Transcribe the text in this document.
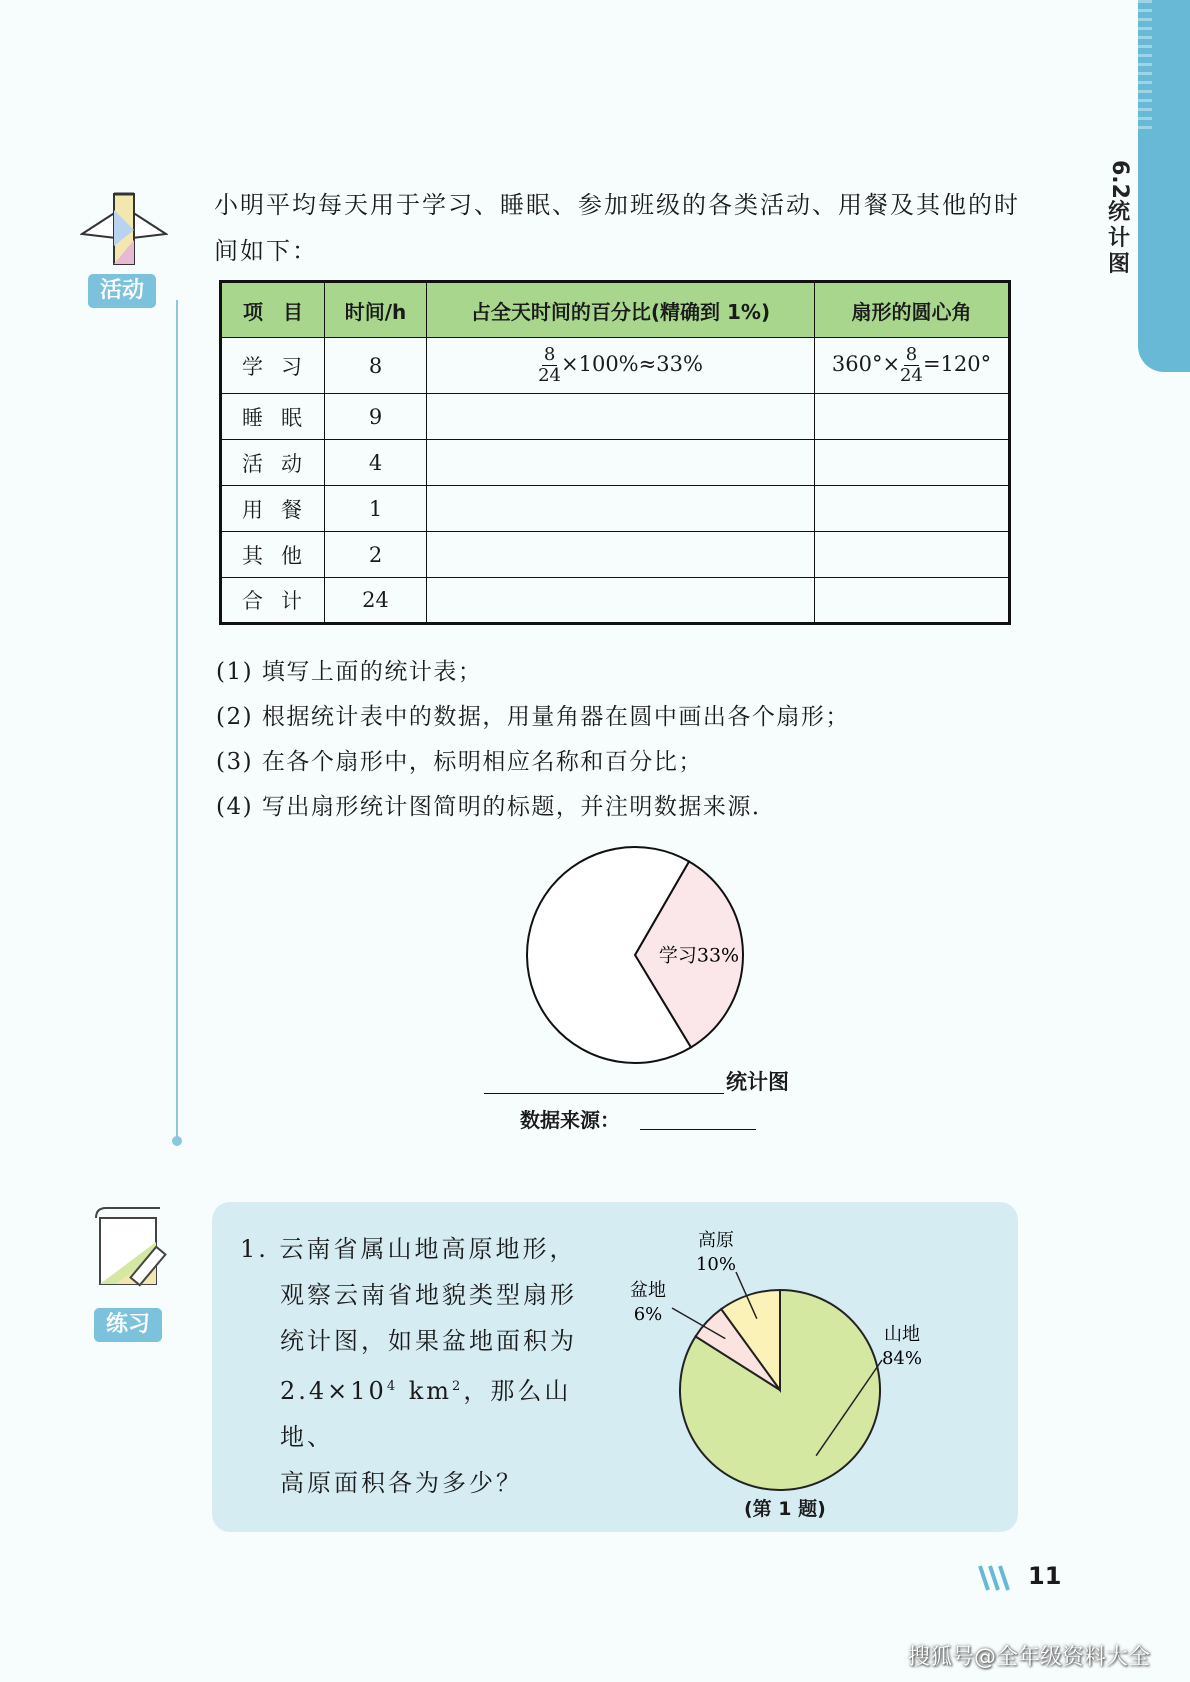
6.2
统计图
活动

小明平均每天用于学习、睡眠、参加班级的各类活动、用餐及其他的时间如下：

项　目	时间/h	占全天时间的百分比(精确到 1%)	扇形的圆心角
学习	8	$\frac{8}{24} \times 100\%\approx 33\%$	$360^\circ\times \frac{8}{24} =120^\circ$
睡眠	9		
活动	4		
用餐	1		
其他	2		
合计	24		
(1) 填写上面的统计表；
(2) 根据统计表中的数据，用量角器在圆中画出各个扇形；
(3) 在各个扇形中，标明相应名称和百分比；
(4) 写出扇形统计图简明的标题，并注明数据来源．
学习33%
统计图
数据来源：
练习
1. 云南省属山地高原地形，
观察云南省地貌类型扇形
统计图，如果盆地面积为
$2.4\times 10^4$ $km^2$，那么山地、
高原面积各为多少？
山地
84%
盆地
6%
高原
10%
(第 1 题)
11
搜狐号@全年级资料大全
